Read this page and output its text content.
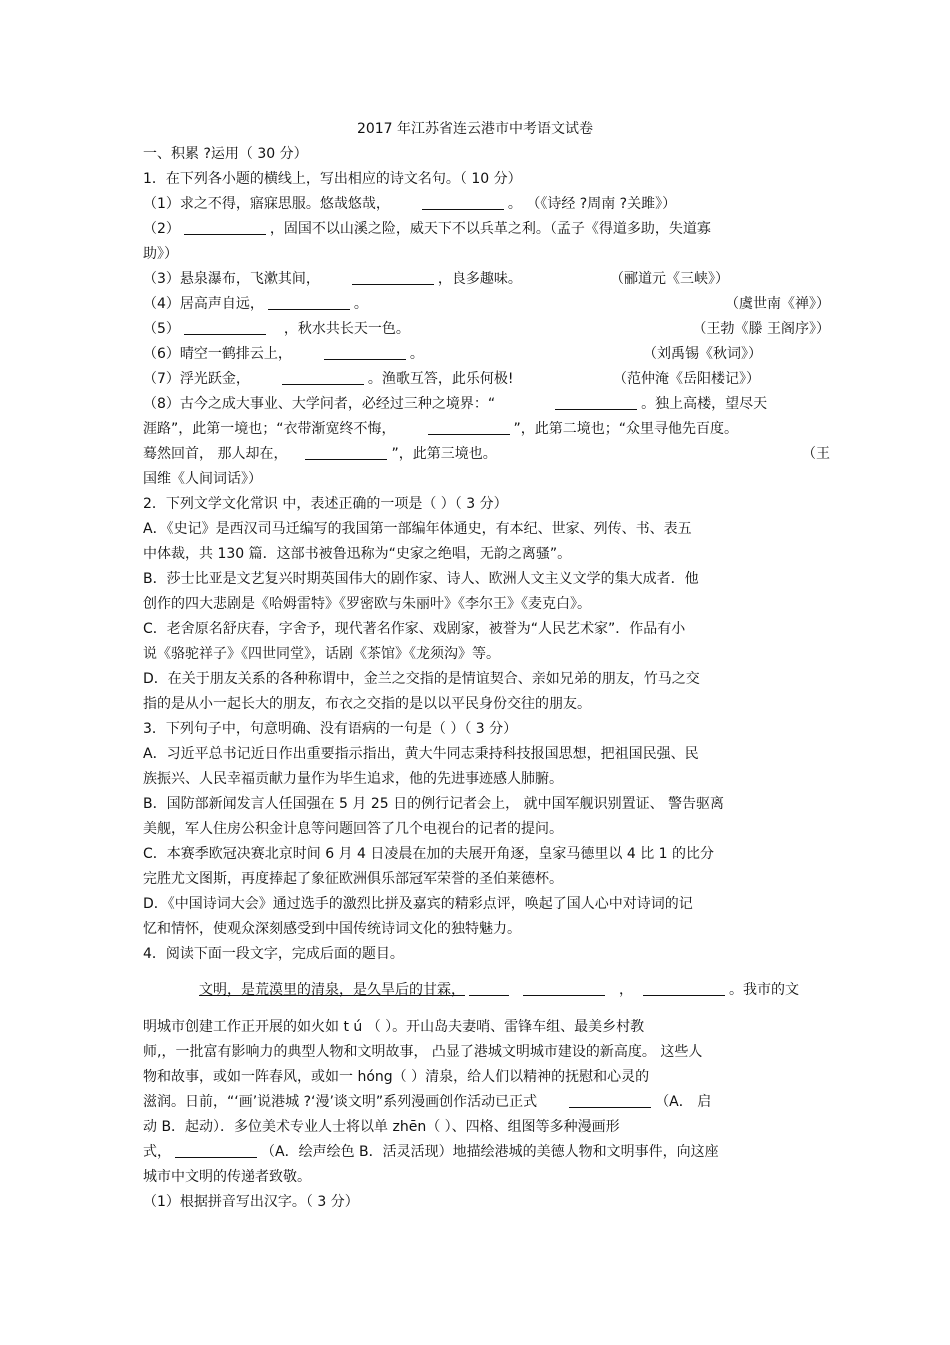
2017 年江苏省连云港市中考语文试卷
一、积累 ?运用（ 30 分）
1．在下列各小题的横线上，写出相应的诗文名句。（ 10 分）
（1）求之不得，寤寐思服。悠哉悠哉，	。 （《诗经 ?周南 ?关雎》）
（2）	，固国不以山溪之险，威天下不以兵革之利。（孟子《得道多助，失道寡
助》）
（3）悬泉瀑布，飞漱其间，	，良多趣味。	（郦道元《三峡》）
（4）居高声自远，	。	（虞世南《禅》）
（5）	，秋水共长天一色。	（王勃《滕 王阁序》）
（6）晴空一鹤排云上，	。	（刘禹锡《秋词》）
（7）浮光跃金，	。渔歌互答，此乐何极!	（范仲淹《岳阳楼记》）
（8）古今之成大事业、大学问者，必经过三种之境界：“	。独上高楼，望尽天
涯路”，此第一境也；“衣带渐宽终不悔，	”，此第二境也；“众里寻他先百度。
蓦然回首， 那人却在，	”，此第三境也。	（王
国维《人间词话》）
2．下列文学文化常识 中，表述正确的一项是（ ）（ 3 分）
A．《史记》是西汉司马迁编写的我国第一部编年体通史，有本纪、世家、列传、书、表五
中体裁，共 130 篇．这部书被鲁迅称为“史家之绝唱，无韵之离骚”。
B．莎士比亚是文艺复兴时期英国伟大的剧作家、诗人、欧洲人文主义文学的集大成者．他
创作的四大悲剧是《哈姆雷特》《罗密欧与朱丽叶》《李尔王》《麦克白》。
C．老舍原名舒庆春，字舍予，现代著名作家、戏剧家，被誉为“人民艺术家”．作品有小
说《骆驼祥子》《四世同堂》，话剧《茶馆》《龙须沟》等。
D．在关于朋友关系的各种称谓中，金兰之交指的是情谊契合、亲如兄弟的朋友，竹马之交
指的是从小一起长大的朋友，布衣之交指的是以以平民身份交往的朋友。
3．下列句子中，句意明确、没有语病的一句是（ ）（ 3 分）
A．习近平总书记近日作出重要指示指出，黄大牛同志秉持科技报国思想，把祖国民强、民
族振兴、人民幸福贡献力量作为毕生追求，他的先进事迹感人肺腑。
B．国防部新闻发言人任国强在 5 月 25 日的例行记者会上， 就中国军舰识别置证、 警告驱离
美舰，军人住房公积金计息等问题回答了几个电视台的记者的提问。
C．本赛季欧冠决赛北京时间 6 月 4 日凌晨在加的夫展开角逐，皇家马德里以 4 比 1 的比分
完胜尤文图斯，再度捧起了象征欧洲俱乐部冠军荣誉的圣伯莱德杯。
D．《中国诗词大会》通过选手的激烈比拼及嘉宾的精彩点评，唤起了国人心中对诗词的记
忆和情怀，使观众深刻感受到中国传统诗词文化的独特魅力。
4．阅读下面一段文字，完成后面的题目。
文明，是荒漠里的清泉，是久旱后的甘霖，	，	。我市的文
明城市创建工作正开展的如火如 t ú （ ）。开山岛夫妻哨、雷锋车组、最美乡村教
师,，一批富有影响力的典型人物和文明故事， 凸显了港城文明城市建设的新高度。 这些人
物和故事，或如一阵春风，或如一 hóng（ ）清泉，给人们以精神的抚慰和心灵的
滋润。日前，“‘画’说港城 ?‘漫’谈文明”系列漫画创作活动已正式	（A． 启
动 B．起动）．多位美术专业人士将以单 zhēn（ ）、四格、组图等多种漫画形
式，	（A．绘声绘色 B．活灵活现）地描绘港城的美德人物和文明事件，向这座
城市中文明的传递者致敬。
（1）根据拼音写出汉字。（ 3 分）
